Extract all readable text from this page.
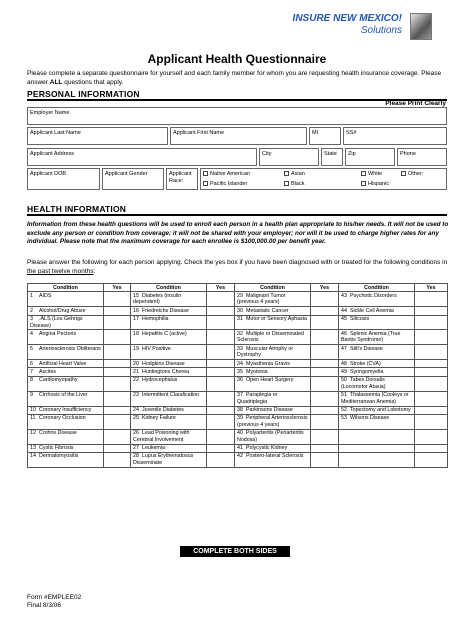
INSURE NEW MEXICO!
Solutions
Applicant Health Questionnaire
Please complete a separate questionnaire for yourself and each family member for whom you are requesting health insurance coverage. Please answer ALL questions that apply.
PERSONAL INFORMATION
Please Print Clearly
Employer Name
Applicant Last Name	Applicant First Name	MI	SS#
Applicant Address	City	State	Zip	Phone
Applicant DOB	Applicant Gender	Applicant Race:
Native American	Asian	White	Other:
Pacific Islander	Black	Hispanic
HEALTH INFORMATION
Information from these health questions will be used to enroll each person in a health plan appropriate to his/her needs. It will not be used to exclude any person or condition from coverage; it will not be shared with your employer; nor will it be used to charge higher rates for any individual. Please note that the maximum coverage for each enrollee is $100,000.00 per benefit year.
Please answer the following for each person applying. Check the yes box if you have been diagnosed with or treated for the following conditions in the past twelve months:
Condition	Yes	Condition	Yes	Condition	Yes	Condition	Yes
1 AIDS		15 Diabetes (insulin dependent)		29 Malignant Tumor (previous 4 years)		43 Psychotic Disorders	
2 Alcohol/Drug Abuse		16 Friedreichs Disease		30 Metastatic Cancer		44 Sickle Cell Anemia	
3 .ALS (Lou Gehrigs Disease)		17 Hemophilia		31 Motor or Sensory Aphasia		45 Silicosis	
4 Angina Pectoris		18 Hepatitis C (active)		32 Multiple or Disseminated Sclerosis		46 Splenic Anemia (True Bantis Syndrome)	
5 Arteriosclerosis Obliterans		19 HIV Positive		33 Muscular Atrophy or Dystrophy		47 Still's Disease	
6 Artificial Heart Valve		20 Hodgkins Disease		34 Myasthenia Gravis		48 Stroke (CVA)	
7 Ascites		21 Huntingtons Chorea		35 Myotonia		49 Syringomyelia	
8 Cardiomyopathy		22 Hydrocephalus		36 Open Heart Surgery		50 Tabes Dorsalis (Locomotor Ataxia)	
9 Cirrhosis of the Liver		23 Intermittent Claudication		37 Paraplegia or Quadriplegia		51 Thalassemia (Cooleys or Mediterranean Anemia)	
10 Coronary Insufficiency		24 Juvenile Diabetes		38 Parkinsons Disease		52 Topectomy and Lobotomy	
11 Coronary Occlusion		25 Kidney Failure		39 Peripheral Arteriosclerosis (previous 4 years)		53 Wilsons Disease	
12 Crohns Disease		26 Lead Poisoning with Cerebral Involvement		40 Polyarteritis (Periarteritis Nodosa)			
13 Cystic Fibrosis		27 Leukemia		41 Polycystic Kidney			
14 Dermatomyositis		28 Lupus Erythematosus Disseminate		42 Postero-lateral Sclerosis			
COMPLETE BOTH SIDES
Form #EMPLEE02
Final 8/3/06
